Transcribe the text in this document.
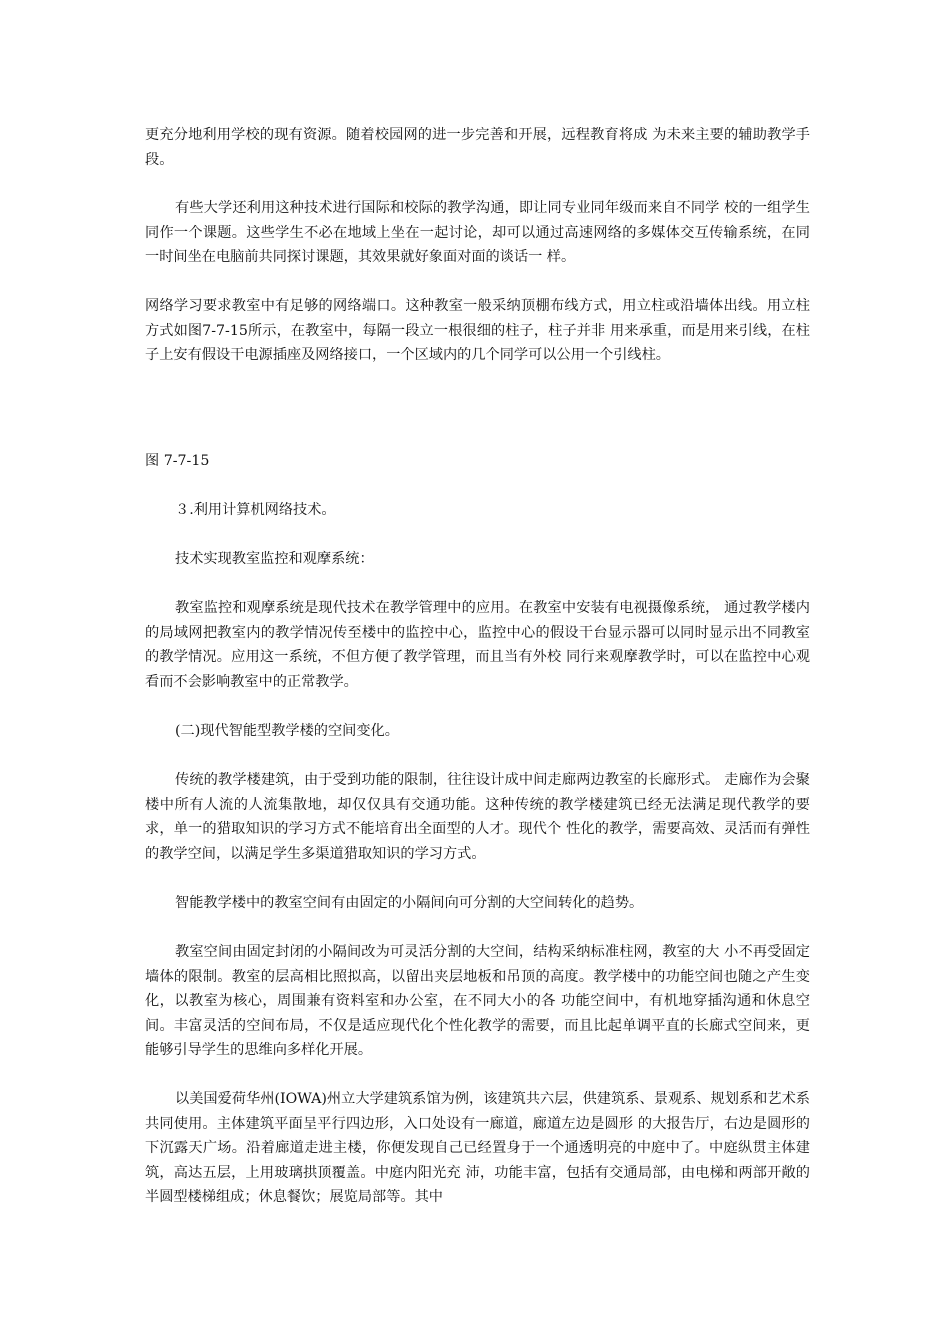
更充分地利用学校的现有资源。随着校园网的进一步完善和开展，远程教育将成 为未来主要的辅助教学手段。

有些大学还利用这种技术进行国际和校际的教学沟通，即让同专业同年级而来自不同学 校的一组学生同作一个课题。这些学生不必在地域上坐在一起讨论，却可以通过高速网络的多媒体交互传输系统，在同一时间坐在电脑前共同探讨课题，其效果就好象面对面的谈话一 样。

网络学习要求教室中有足够的网络端口。这种教室一般采纳顶棚布线方式，用立柱或沿墙体出线。用立柱方式如图7-7-15所示，在教室中，每隔一段立一根很细的柱子，柱子并非 用来承重，而是用来引线，在柱子上安有假设干电源插座及网络接口，一个区域内的几个同学可以公用一个引线柱。

图 7-7-15

３.利用计算机网络技术。

技术实现教室监控和观摩系统：

教室监控和观摩系统是现代技术在教学管理中的应用。在教室中安装有电视摄像系统， 通过教学楼内的局域网把教室内的教学情况传至楼中的监控中心，监控中心的假设干台显示器可以同时显示出不同教室的教学情况。应用这一系统，不但方便了教学管理，而且当有外校 同行来观摩教学时，可以在监控中心观看而不会影响教室中的正常教学。

(二)现代智能型教学楼的空间变化。

传统的教学楼建筑，由于受到功能的限制，往往设计成中间走廊两边教室的长廊形式。 走廊作为会聚楼中所有人流的人流集散地，却仅仅具有交通功能。这种传统的教学楼建筑已经无法满足现代教学的要求，单一的猎取知识的学习方式不能培育出全面型的人才。现代个 性化的教学，需要高效、灵活而有弹性的教学空间，以满足学生多渠道猎取知识的学习方式。

智能教学楼中的教室空间有由固定的小隔间向可分割的大空间转化的趋势。

教室空间由固定封闭的小隔间改为可灵活分割的大空间，结构采纳标准柱网，教室的大 小不再受固定墙体的限制。教室的层高相比照拟高，以留出夹层地板和吊顶的高度。教学楼中的功能空间也随之产生变化，以教室为核心，周围兼有资料室和办公室，在不同大小的各 功能空间中，有机地穿插沟通和休息空间。丰富灵活的空间布局，不仅是适应现代化个性化教学的需要，而且比起单调平直的长廊式空间来，更能够引导学生的思维向多样化开展。

以美国爱荷华州(IOWA)州立大学建筑系馆为例，该建筑共六层，供建筑系、景观系、规划系和艺术系共同使用。主体建筑平面呈平行四边形，入口处设有一廊道，廊道左边是圆形 的大报告厅，右边是圆形的下沉露天广场。沿着廊道走进主楼，你便发现自己已经置身于一个通透明亮的中庭中了。中庭纵贯主体建筑，高达五层，上用玻璃拱顶覆盖。中庭内阳光充 沛，功能丰富，包括有交通局部，由电梯和两部开敞的半圆型楼梯组成；休息餐饮；展览局部等。其中
